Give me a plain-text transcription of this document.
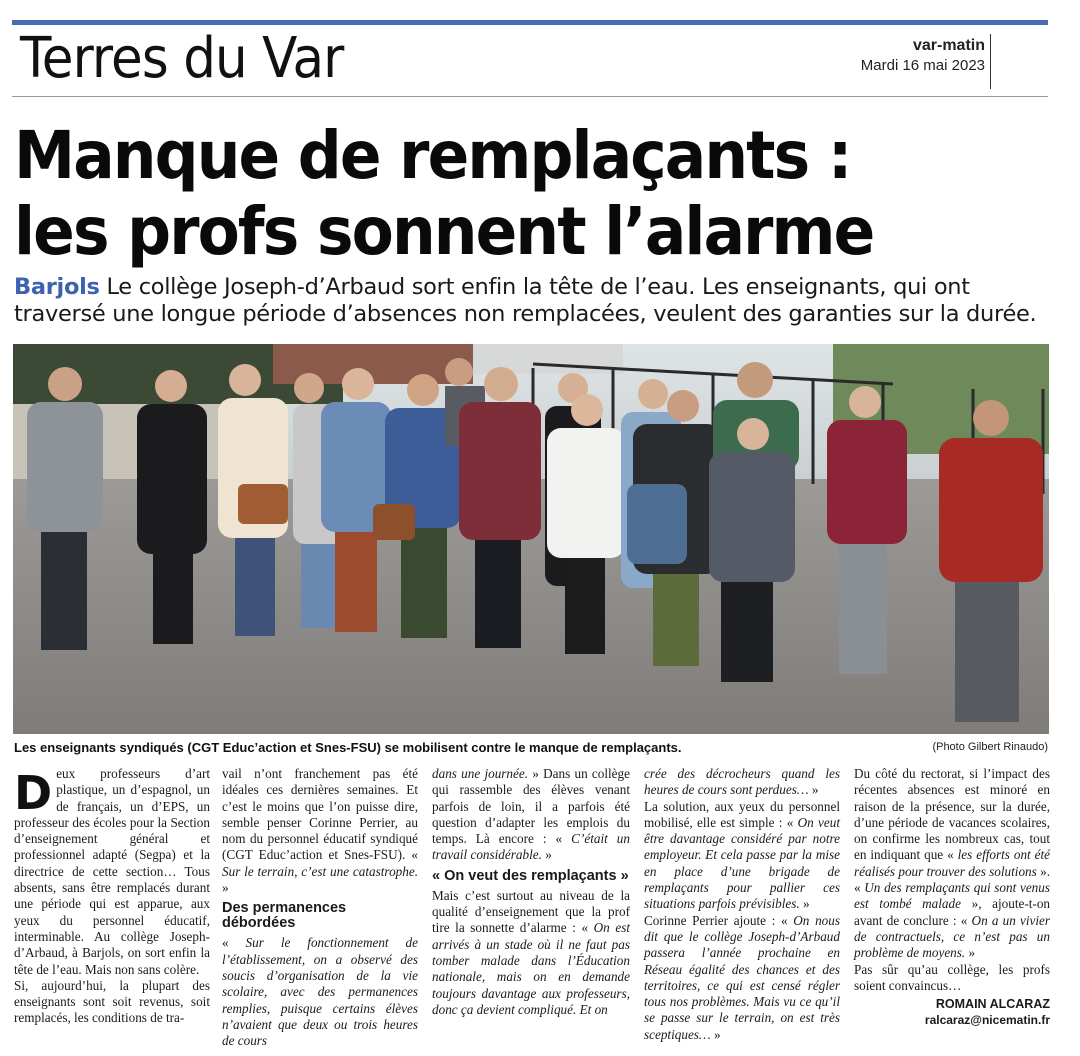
Terres du Var	var-matin
Mardi 16 mai 2023
Manque de remplaçants :
les profs sonnent l’alarme
Barjols Le collège Joseph-d’Arbaud sort enfin la tête de l’eau. Les enseignants, qui ont traversé une longue période d’absences non remplacées, veulent des garanties sur la durée.
Les enseignants syndiqués (CGT Educ’action et Snes-FSU) se mobilisent contre le manque de remplaçants.	(Photo Gilbert Rinaudo)

Deux professeurs d’art plastique, un d’espagnol, un de français, un d’EPS, un professeur des écoles pour la Section d’enseignement général et professionnel adapté (Segpa) et la directrice de cette section… Tous absents, sans être remplacés durant une période qui est apparue, aux yeux du personnel éducatif, interminable. Au collège Joseph-d’Arbaud, à Barjols, on sort enfin la tête de l’eau. Mais non sans colère.

Si, aujourd’hui, la plupart des enseignants sont soit revenus, soit remplacés, les conditions de tra-

vail n’ont franchement pas été idéales ces dernières semaines. Et c’est le moins que l’on puisse dire, semble penser Corinne Perrier, au nom du personnel éducatif syndiqué (CGT Educ’action et Snes-FSU). « Sur le terrain, c’est une catastrophe. »

Des permanences débordées

« Sur le fonctionnement de l’établissement, on a observé des soucis d’organisation de la vie scolaire, avec des permanences remplies, puisque certains élèves n’avaient que deux ou trois heures de cours

dans une journée. » Dans un collège qui rassemble des élèves venant parfois de loin, il a parfois été question d’adapter les emplois du temps. Là encore : « C’était un travail considérable. »

« On veut des remplaçants »

Mais c’est surtout au niveau de la qualité d’enseignement que la prof tire la sonnette d’alarme : « On est arrivés à un stade où il ne faut pas tomber malade dans l’Éducation nationale, mais on en demande toujours davantage aux professeurs, donc ça devient compliqué. Et on

crée des décrocheurs quand les heures de cours sont perdues… »

La solution, aux yeux du personnel mobilisé, elle est simple : « On veut être davantage considéré par notre employeur. Et cela passe par la mise en place d’une brigade de remplaçants pour pallier ces situations parfois prévisibles. »

Corinne Perrier ajoute : « On nous dit que le collège Joseph-d’Arbaud passera l’année prochaine en Réseau égalité des chances et des territoires, ce qui est censé régler tous nos problèmes. Mais vu ce qu’il se passe sur le terrain, on est très sceptiques… »

Du côté du rectorat, si l’impact des récentes absences est minoré en raison de la présence, sur la durée, d’une période de vacances scolaires, on confirme les nombreux cas, tout en indiquant que « les efforts ont été réalisés pour trouver des solutions ». « Un des remplaçants qui sont venus est tombé malade », ajoute-t-on avant de conclure : « On a un vivier de contractuels, ce n’est pas un problème de moyens. »

Pas sûr qu’au collège, les profs soient convaincus…

ROMAIN ALCARAZ
ralcaraz@nicematin.fr
